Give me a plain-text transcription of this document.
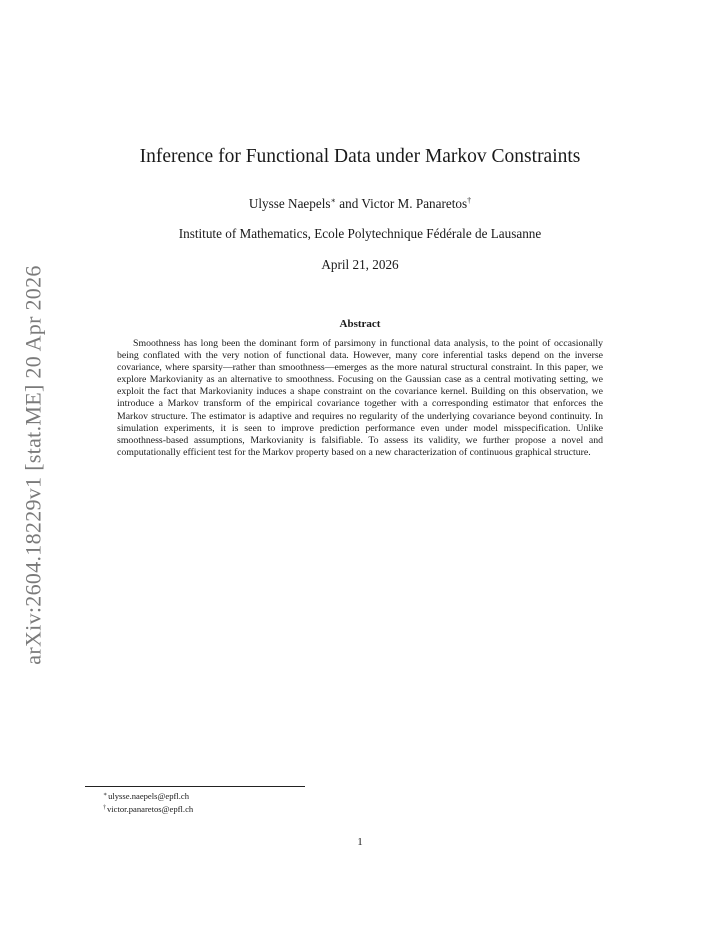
arXiv:2604.18229v1 [stat.ME] 20 Apr 2026
Inference for Functional Data under Markov Constraints
Ulysse Naepels∗ and Victor M. Panaretos†
Institute of Mathematics, Ecole Polytechnique Fédérale de Lausanne
April 21, 2026
Abstract

Smoothness has long been the dominant form of parsimony in functional data analysis, to the point of occasionally being conflated with the very notion of functional data. However, many core inferential tasks depend on the inverse covariance, where sparsity—rather than smoothness—emerges as the more natural structural constraint. In this paper, we explore Markovianity as an alternative to smoothness. Focusing on the Gaussian case as a central motivating setting, we exploit the fact that Markovianity induces a shape constraint on the covariance kernel. Building on this observation, we introduce a Markov transform of the empirical covariance together with a corresponding estimator that enforces the Markov structure. The estimator is adaptive and requires no regularity of the underlying covariance beyond continuity. In simulation experiments, it is seen to improve prediction performance even under model misspecification. Unlike smoothness-based assumptions, Markovianity is falsifiable. To assess its validity, we further propose a novel and computationally efficient test for the Markov property based on a new characterization of continuous graphical structure.

∗ulysse.naepels@epfl.ch
†victor.panaretos@epfl.ch
1
